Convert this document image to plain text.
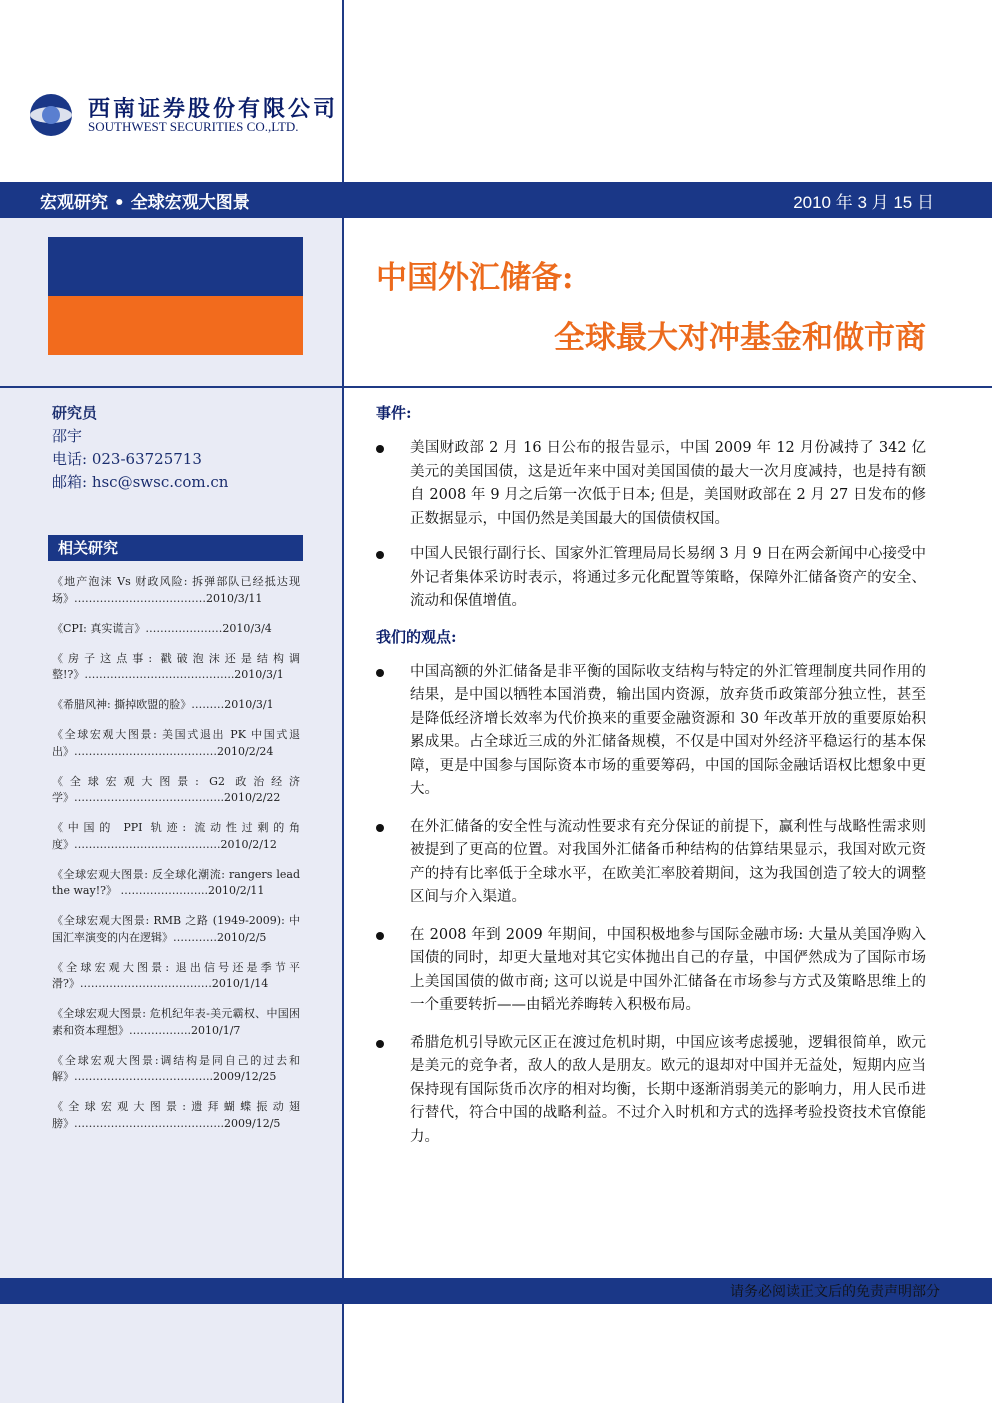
西南证券股份有限公司
SOUTHWEST SECURITIES CO.,LTD.
宏观研究 • 全球宏观大图景	2010 年 3 月 15 日
中国外汇储备:
全球最大对冲基金和做市商
研究员
邵宇
电话: 023-63725713
邮箱: hsc@swsc.com.cn
相关研究
《地产泡沫 Vs 财政风险: 拆弹部队已经抵达现场》………………………………2010/3/11
《CPI: 真实谎言》…………………2010/3/4
《房子这点事: 戳破泡沫还是结构调整!?》…………………………………..2010/3/1
《希腊风神: 撕掉欧盟的脸》………2010/3/1
《全球宏观大图景: 美国式退出 PK 中国式退出》…………………………………2010/2/24
《全球宏观大图景: G2 政治经济学》…………………………………..2010/2/22
《中国的 PPI 轨迹: 流动性过剩的角度》………………………………….2010/2/12
《全球宏观大图景: 反全球化潮流: rangers lead the way!?》 …………………...2010/2/11
《全球宏观大图景: RMB 之路 (1949-2009): 中国汇率演变的内在逻辑》…………2010/2/5
《全球宏观大图景: 退出信号还是季节平滑?》………………………………2010/1/14
《全球宏观大图景: 危机纪年表-美元霸权、中国困素和资本理想》……………..2010/1/7
《全球宏观大图景:调结构是同自己的过去和解》………………………………..2009/12/25
《全球宏观大图景:遗拜蝴蝶振动翅膀》…………………………………..2009/12/5
事件:
美国财政部 2 月 16 日公布的报告显示，中国 2009 年 12 月份减持了 342 亿美元的美国国债，这是近年来中国对美国国债的最大一次月度减持，也是持有额自 2008 年 9 月之后第一次低于日本; 但是，美国财政部在 2 月 27 日发布的修正数据显示，中国仍然是美国最大的国债债权国。
中国人民银行副行长、国家外汇管理局局长易纲 3 月 9 日在两会新闻中心接受中外记者集体采访时表示，将通过多元化配置等策略，保障外汇储备资产的安全、流动和保值增值。
我们的观点:
中国高额的外汇储备是非平衡的国际收支结构与特定的外汇管理制度共同作用的结果，是中国以牺牲本国消费，输出国内资源，放弃货币政策部分独立性，甚至是降低经济增长效率为代价换来的重要金融资源和 30 年改革开放的重要原始积累成果。占全球近三成的外汇储备规模，不仅是中国对外经济平稳运行的基本保障，更是中国参与国际资本市场的重要筹码，中国的国际金融话语权比想象中更大。
在外汇储备的安全性与流动性要求有充分保证的前提下，赢利性与战略性需求则被提到了更高的位置。对我国外汇储备币种结构的估算结果显示，我国对欧元资产的持有比率低于全球水平，在欧美汇率胶着期间，这为我国创造了较大的调整区间与介入渠道。
在 2008 年到 2009 年期间，中国积极地参与国际金融市场: 大量从美国净购入国债的同时，却更大量地对其它实体抛出自己的存量，中国俨然成为了国际市场上美国国债的做市商; 这可以说是中国外汇储备在市场参与方式及策略思维上的一个重要转折——由韬光养晦转入积极布局。
希腊危机引导欧元区正在渡过危机时期，中国应该考虑援驰，逻辑很简单，欧元是美元的竞争者，敌人的敌人是朋友。欧元的退却对中国并无益处，短期内应当保持现有国际货币次序的相对均衡，长期中逐渐消弱美元的影响力，用人民币进行替代，符合中国的战略利益。不过介入时机和方式的选择考验投资技术官僚能力。
请务必阅读正文后的免责声明部分
